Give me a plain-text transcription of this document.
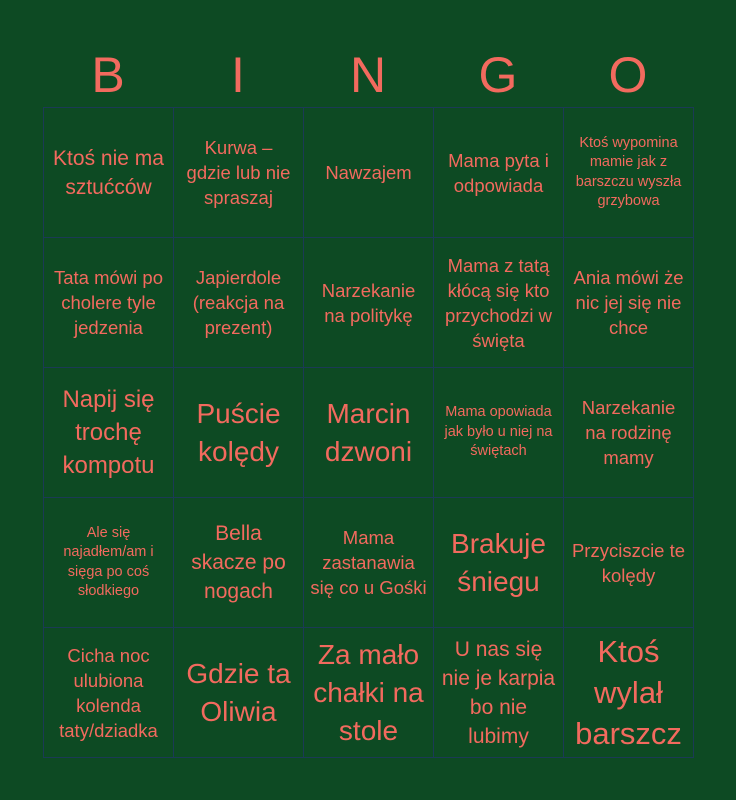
B	I	N	G	O
Ktoś nie ma sztućców
Kurwa – gdzie lub nie spraszaj
Nawzajem
Mama pyta i odpowiada
Ktoś wypomina mamie jak z barszczu wyszła grzybowa
Tata mówi po cholere tyle jedzenia
Japierdole (reakcja na prezent)
Narzekanie na politykę
Mama z tatą kłócą się kto przychodzi w święta
Ania mówi że nic jej się nie chce
Napij się trochę kompotu
Puście kolędy
Marcin dzwoni
Mama opowiada jak było u niej na świętach
Narzekanie na rodzinę mamy
Ale się najadłem/am i sięga po coś słodkiego
Bella skacze po nogach
Mama zastanawia się co u Gośki
Brakuje śniegu
Przyciszcie te kolędy
Cicha noc ulubiona kolenda taty/dziadka
Gdzie ta Oliwia
Za mało chałki na stole
U nas się nie je karpia bo nie lubimy
Ktoś wylał barszcz
